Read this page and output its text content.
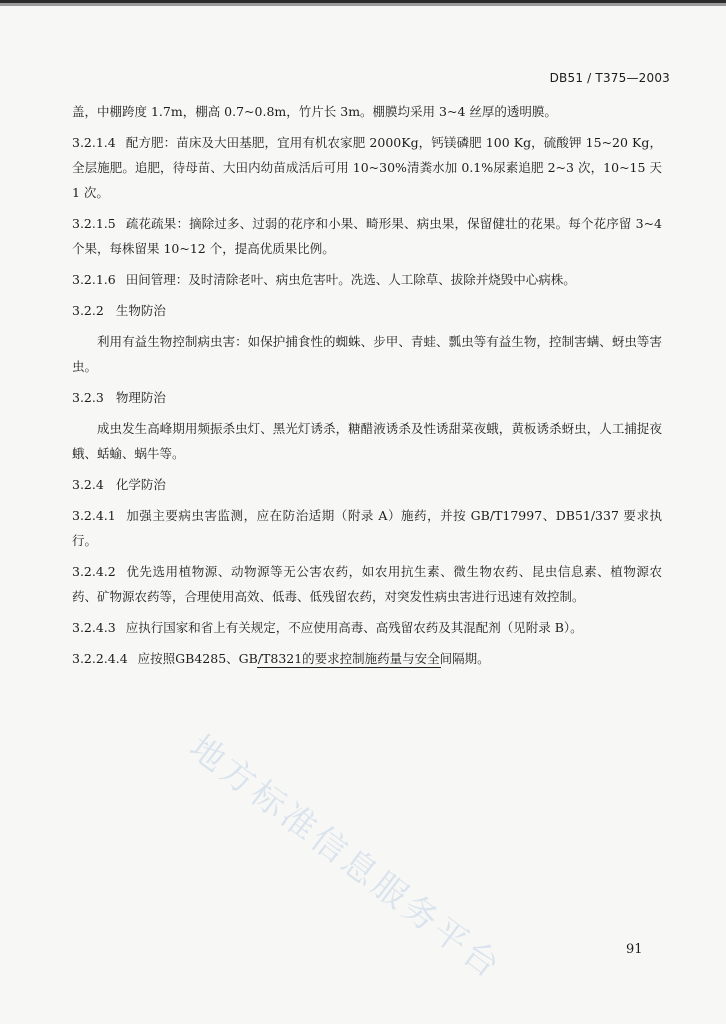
DB51 / T375—2003

盖，中棚跨度 1.7m，棚高 0.7~0.8m，竹片长 3m。棚膜均采用 3~4 丝厚的透明膜。

3.2.1.4 配方肥：苗床及大田基肥，宜用有机农家肥 2000Kg，钙镁磷肥 100 Kg，硫酸钾 15~20 Kg，全层施肥。追肥，待母苗、大田内幼苗成活后可用 10~30%清粪水加 0.1%尿素追肥 2~3 次，10~15 天 1 次。

3.2.1.5 疏花疏果：摘除过多、过弱的花序和小果、畸形果、病虫果，保留健壮的花果。每个花序留 3~4 个果，每株留果 10~12 个，提高优质果比例。

3.2.1.6 田间管理：及时清除老叶、病虫危害叶。冼选、人工除草、拔除并烧毁中心病株。

3.2.2 生物防治

利用有益生物控制病虫害：如保护捕食性的蜘蛛、步甲、青蛙、瓢虫等有益生物，控制害螨、蚜虫等害虫。

3.2.3 物理防治

成虫发生高峰期用频振杀虫灯、黑光灯诱杀，糖醋液诱杀及性诱甜菜夜蛾，黄板诱杀蚜虫，人工捕捉夜蛾、蛞蝓、蜗牛等。

3.2.4 化学防治

3.2.4.1 加强主要病虫害监测，应在防治适期（附录 A）施药，并按 GB/T17997、DB51/337 要求执行。

3.2.4.2 优先选用植物源、动物源等无公害农药，如农用抗生素、微生物农药、昆虫信息素、植物源农药、矿物源农药等，合理使用高效、低毒、低残留农药，对突发性病虫害进行迅速有效控制。

3.2.4.3 应执行国家和省上有关规定，不应使用高毒、高残留农药及其混配剂（见附录 B）。

3.2.2.4.4 应按照GB4285、GB/T8321的要求控制施药量与安全间隔期。

地方标准信息服务平台	91
